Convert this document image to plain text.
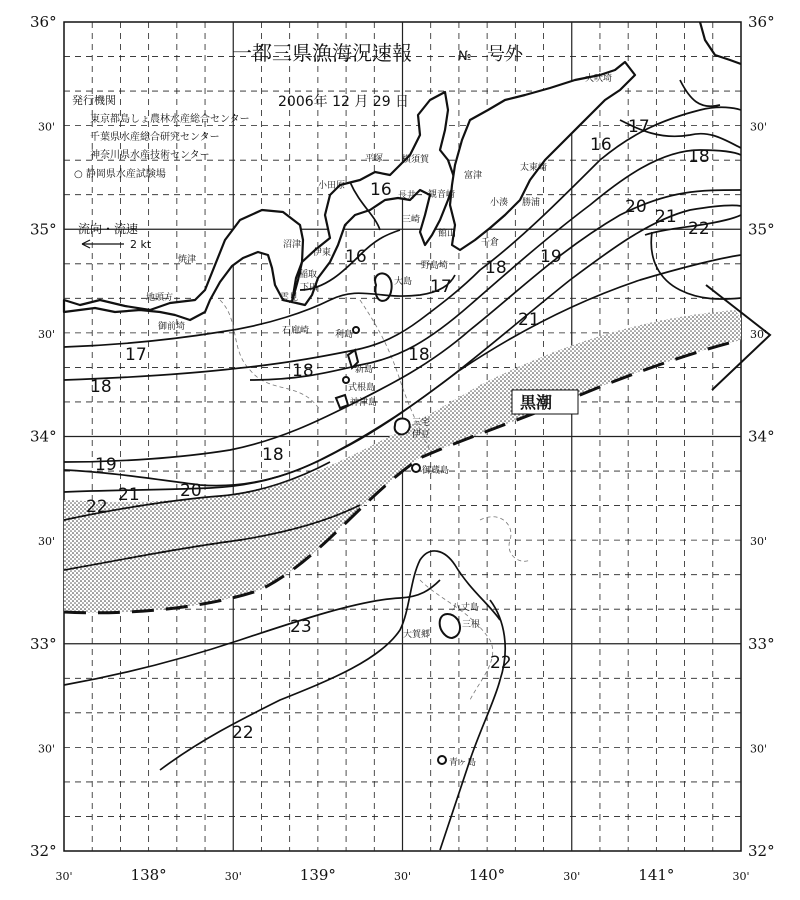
16
16
16
17
17
17
18
18
18
18
18
18
19
19
20
20
21
21
21
22
22
22
22
23
黒潮
一都三県漁海況速報	№ 号外
2006年 12 月 29 日
発行機関
東京都島しょ農林水産総合センター
千葉県水産総合研究センター
神奈川県水産技術センター
○ 静岡県水産試験場
流向・流速
2 kt
大吠埼
太東崎
勝浦
小湊
横須賀
富津
観音崎
平塚
小田原
長井
三崎
館山
千倉
野島埼
沼津
伊東
焼津
地頭方
御前埼
稲取
下田
雲見
石廊崎
大島
利島
新島
式根島
神津島
三宅
伊豆
御蔵島
八丈島
三根
大賀郷
青ヶ島
36°
30'
35°
30'
34°
30'
33°
30'
32°
36°
30'
35°
30'
34°
30'
33°
30'
32°
30'	138°	30'	139°	30'	140°	30'	141°	30'
